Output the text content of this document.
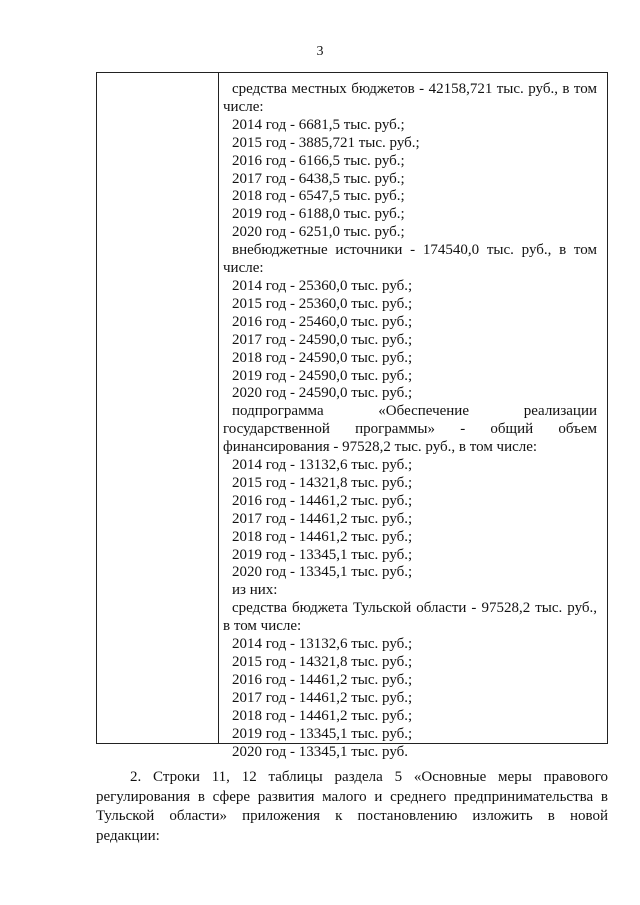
3
средства местных бюджетов - 42158,721 тыс. руб., в том
числе:
2014 год - 6681,5 тыс. руб.;
2015 год - 3885,721 тыс. руб.;
2016 год - 6166,5 тыс. руб.;
2017 год - 6438,5 тыс. руб.;
2018 год - 6547,5 тыс. руб.;
2019 год - 6188,0 тыс. руб.;
2020 год - 6251,0 тыс. руб.;
внебюджетные источники - 174540,0 тыс. руб., в том
числе:
2014 год - 25360,0 тыс. руб.;
2015 год - 25360,0 тыс. руб.;
2016 год - 25460,0 тыс. руб.;
2017 год - 24590,0 тыс. руб.;
2018 год - 24590,0 тыс. руб.;
2019 год - 24590,0 тыс. руб.;
2020 год - 24590,0 тыс. руб.;
подпрограмма «Обеспечение реализации
государственной программы» - общий объем
финансирования - 97528,2 тыс. руб., в том числе:
2014 год - 13132,6 тыс. руб.;
2015 год - 14321,8 тыс. руб.;
2016 год - 14461,2 тыс. руб.;
2017 год - 14461,2 тыс. руб.;
2018 год - 14461,2 тыс. руб.;
2019 год - 13345,1 тыс. руб.;
2020 год - 13345,1 тыс. руб.;
из них:
средства бюджета Тульской области - 97528,2 тыс. руб.,
в том числе:
2014 год - 13132,6 тыс. руб.;
2015 год - 14321,8 тыс. руб.;
2016 год - 14461,2 тыс. руб.;
2017 год - 14461,2 тыс. руб.;
2018 год - 14461,2 тыс. руб.;
2019 год - 13345,1 тыс. руб.;
2020 год - 13345,1 тыс. руб.
2. Строки 11, 12 таблицы раздела 5 «Основные меры правового
регулирования в сфере развития малого и среднего предпринимательства в
Тульской области» приложения к постановлению изложить в новой
редакции:
